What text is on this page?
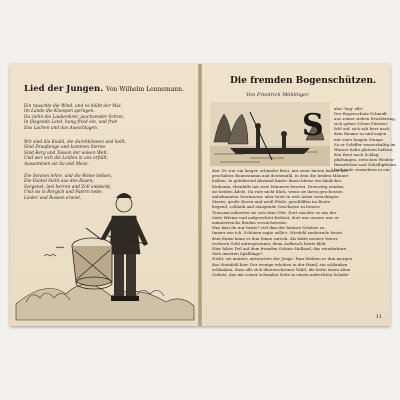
Lied der Jungen. Von Wilhelm Lennemann.
Ein rauschte die Wind, und es blüht der Mai,
Im Lande die Knospen springen.
Da ziehn die Laubenbrer, jauchzender Schrei;
In fliegende Land, hung fried ein, und froh
Das Lachen und das Ausschlagen.
Wir sind die Knabl, die durchkönnen und hellt,
Sind Draußenge und kommen Sterne.
Sind Berg und Tasson der wüsen Welt.
Und wer sich die Leiden in uns erfüllt,
Aussammen sie Sa und Meze.
Die Sonnen lehre, und die Weise lokken,
Die Fackel hiebt aus den Basen;
Sorgenst, lest herren und Zoll entdeckt,
Und sis in Borgich und Fatern hebe,
Lieder und Rossen erwiet,
Die fremden Bogenschützen.
Von Friedrich Möhlinger.
S	ahn! Sag' alle!
Der Bogenschutz-Schmidt
aus seiner sieben Erwiderung,
sich gaben Schon Fürsten-
feld auf, sich sah herz nach
dem Baume zu und sagen
mit einer langen Stange.
So er Schiffer wasserhaltig im
Wasser halte glattem halben,
den Boot nach Schlag-
pfaltungen, zwischen Weiden-
fürmtlichen und Schalligtheim
freihende vermehren in em-
den. Er war ein langer, schmaler Boot, mit einer hinten halben aus-
geschälten Baumstamm und deutzmühl, in dem die beiden Männer
halben. In gebührend Abstand hinter ihnen kleine ein ähnlicher
Einbaum, ebenfalls mit zwei Männern besetzt. Dreiseitig winden
sie beiden Ädele. Da rate nicht blick, wenn sie ihren geschossen
unbekannten Gewässern, aber breit in weit Arme vorsichtigen
Sterns; große Boren und weiß Pfeile, geschliffen im Boote
liegend, schlank und stangende Geschosse zu besser.
Trausam näherten sie sich dem Ufer. Dort rauchte es aus der
Seite Wärme und aufgerichtet freiheit, dort war unsere war er
männerreiche Beiden versuchsweise.
Was hast du nur beute? rief ihm der hintere Schütze zu.
Immer wie ich, Schönen sagte wille's. Wiedehl zaubernde beute,
dem Einen kann er ihm Sinne zurück. Als hätte meines Vaters
verloren Geld untergrsonner, denn Aufbruch beute klök.
Hier fahre Teil auf dem fremden Schutz Südland, das wunderbare
Sieh unseren Späßlinge?
Nicht, sei munter, antwortete der Jenge. Paar bleiben er ihm morgen
das Steinfeld hier. Der wenige erhoben in der Hand, ein schlanken
schlanken, dass alle sich überwachsener Wald, die hatte einen alten
Gebote, das mit seiner schmalen Seite in einem aufrechten Schalte
11
